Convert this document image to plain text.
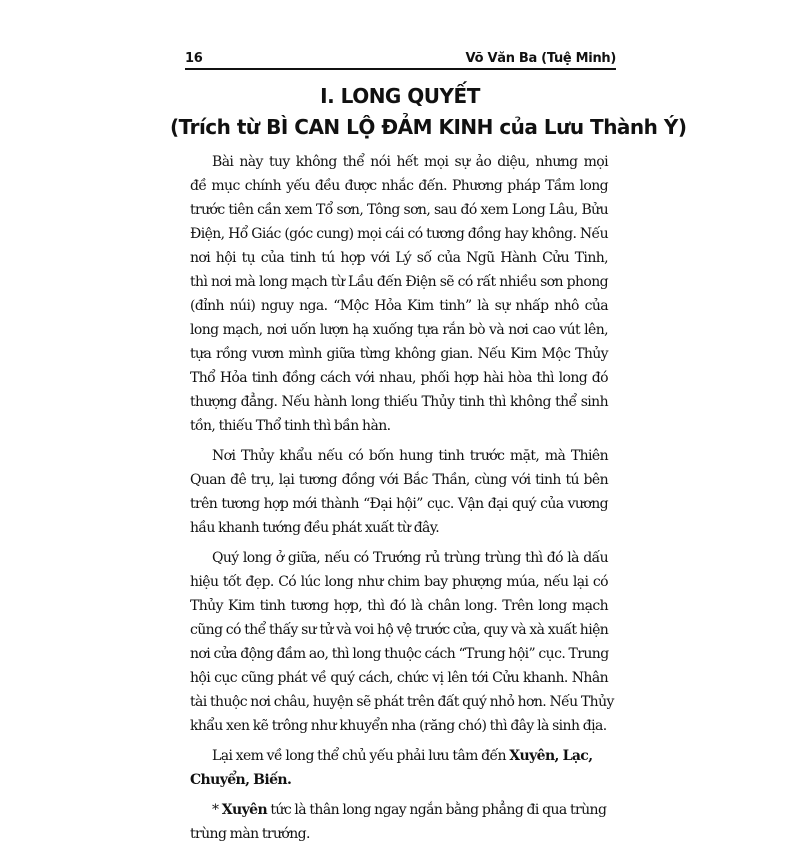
16	Võ Văn Ba (Tuệ Minh)
I. LONG QUYẾT
(Trích từ BÌ CAN LỘ ĐẢM KINH của Lưu Thành Ý)

Bài này tuy không thể nói hết mọi sự ảo diệu, nhưng mọi
đề mục chính yếu đều được nhắc đến. Phương pháp Tầm long
trước tiên cần xem Tổ sơn, Tông sơn, sau đó xem Long Lâu, Bửu
Điện, Hổ Giác (góc cung) mọi cái có tương đồng hay không. Nếu
nơi hội tụ của tinh tú hợp với Lý số của Ngũ Hành Cửu Tinh,
thì nơi mà long mạch từ Lầu đến Điện sẽ có rất nhiều sơn phong
(đỉnh núi) nguy nga. “Mộc Hỏa Kim tinh” là sự nhấp nhô của
long mạch, nơi uốn lượn hạ xuống tựa rắn bò và nơi cao vút lên,
tựa rồng vươn mình giữa từng không gian. Nếu Kim Mộc Thủy
Thổ Hỏa tinh đồng cách với nhau, phối hợp hài hòa thì long đó
thượng đẳng. Nếu hành long thiếu Thủy tinh thì không thể sinh
tồn, thiếu Thổ tinh thì bần hàn.

Nơi Thủy khẩu nếu có bốn hung tinh trước mặt, mà Thiên
Quan đê trụ, lại tương đồng với Bắc Thần, cùng với tinh tú bên
trên tương hợp mới thành “Đại hội” cục. Vận đại quý của vương
hầu khanh tướng đều phát xuất từ đây.

Quý long ở giữa, nếu có Trướng rủ trùng trùng thì đó là dấu
hiệu tốt đẹp. Có lúc long như chim bay phượng múa, nếu lại có
Thủy Kim tinh tương hợp, thì đó là chân long. Trên long mạch
cũng có thể thấy sư tử và voi hộ vệ trước cửa, quy và xà xuất hiện
nơi cửa động đầm ao, thì long thuộc cách “Trung hội” cục. Trung
hội cục cũng phát về quý cách, chức vị lên tới Cửu khanh. Nhân
tài thuộc nơi châu, huyện sẽ phát trên đất quý nhỏ hơn. Nếu Thủy
khẩu xen kẽ trông như khuyển nha (răng chó) thì đây là sinh địa.

Lại xem về long thể chủ yếu phải lưu tâm đến Xuyên, Lạc,
Chuyển, Biến.

* Xuyên tức là thân long ngay ngắn bằng phẳng đi qua trùng
trùng màn trướng.
